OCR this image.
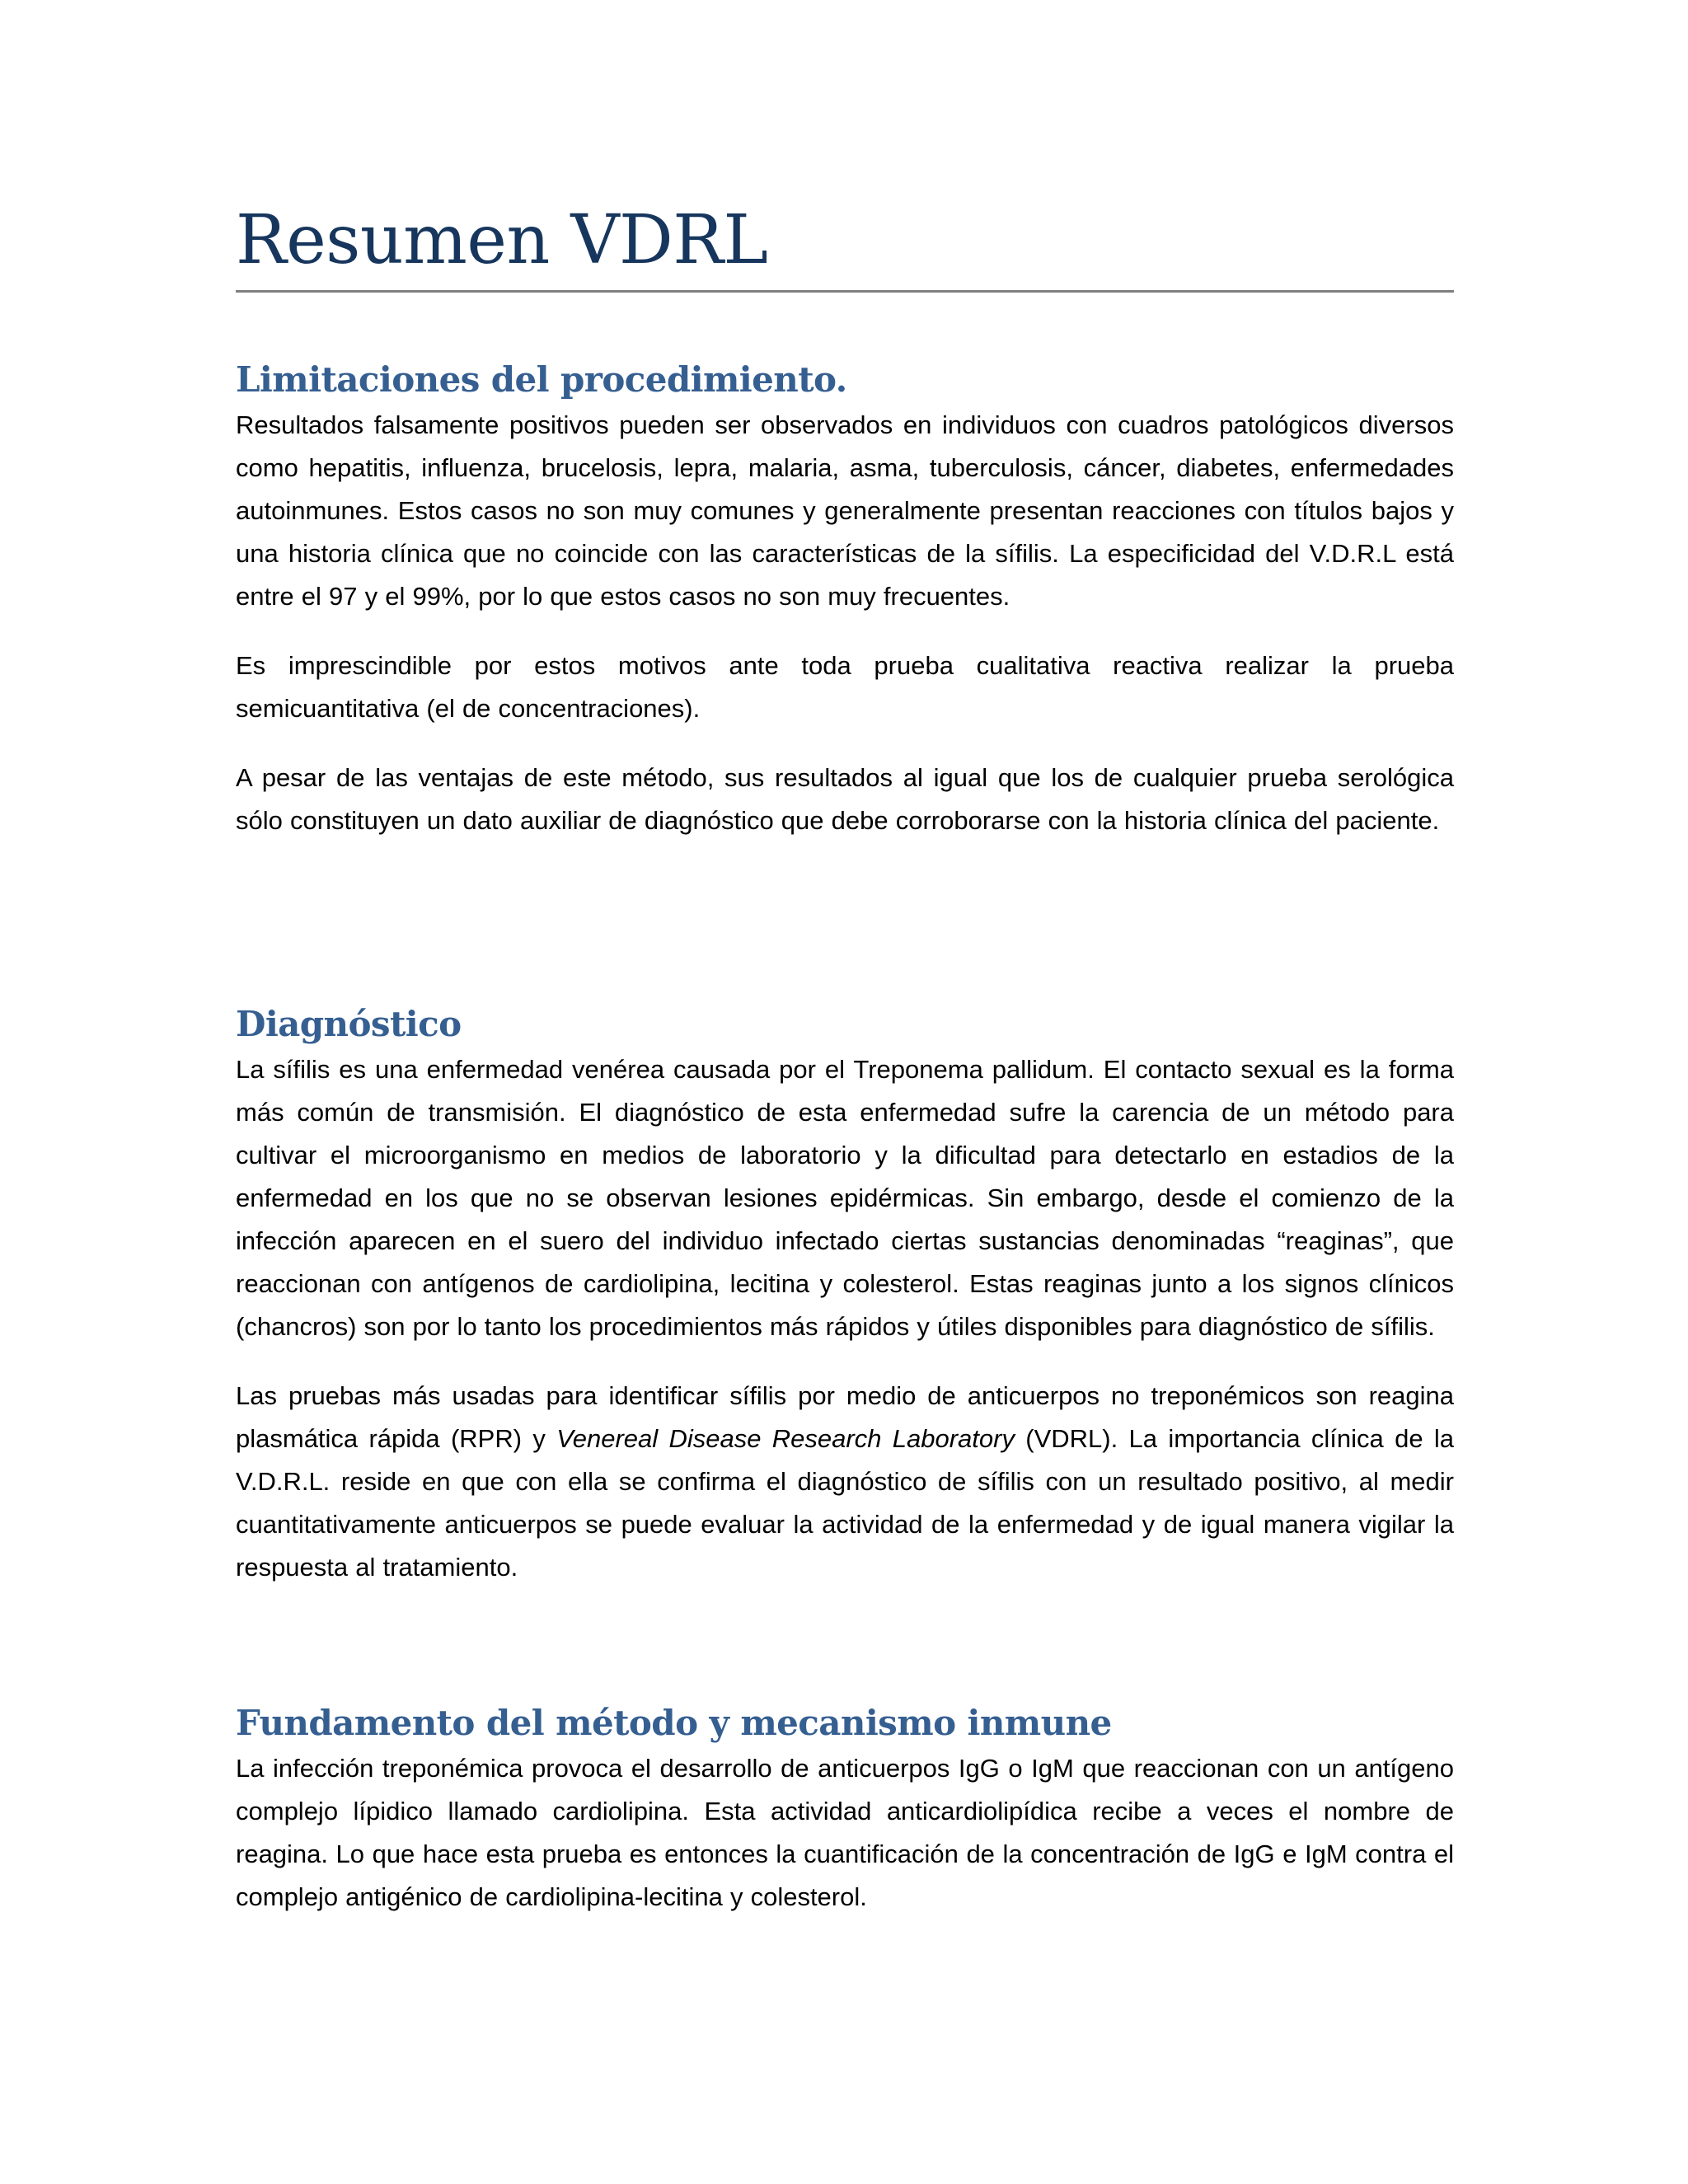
Resumen VDRL
Limitaciones del procedimiento.

Resultados falsamente positivos pueden ser observados en individuos con cuadros patológicos diversos como hepatitis, influenza, brucelosis, lepra, malaria, asma, tuberculosis, cáncer, diabetes, enfermedades autoinmunes. Estos casos no son muy comunes y generalmente presentan reacciones con títulos bajos y una historia clínica que no coincide con las características de la sífilis. La especificidad del V.D.R.L está entre el 97 y el 99%, por lo que estos casos no son muy frecuentes.

Es imprescindible por estos motivos ante toda prueba cualitativa reactiva realizar la prueba semicuantitativa (el de concentraciones).

A pesar de las ventajas de este método, sus resultados al igual que los de cualquier prueba serológica sólo constituyen un dato auxiliar de diagnóstico que debe corroborarse con la historia clínica del paciente.

Diagnóstico

La sífilis es una enfermedad venérea causada por el Treponema pallidum. El contacto sexual es la forma más común de transmisión. El diagnóstico de esta enfermedad sufre la carencia de un método para cultivar el microorganismo en medios de laboratorio y la dificultad para detectarlo en estadios de la enfermedad en los que no se observan lesiones epidérmicas. Sin embargo, desde el comienzo de la infección aparecen en el suero del individuo infectado ciertas sustancias denominadas “reaginas”, que reaccionan con antígenos de cardiolipina, lecitina y colesterol. Estas reaginas junto a los signos clínicos (chancros) son por lo tanto los procedimientos más rápidos y útiles disponibles para diagnóstico de sífilis.

Las pruebas más usadas para identificar sífilis por medio de anticuerpos no treponémicos son reagina plasmática rápida (RPR) y Venereal Disease Research Laboratory (VDRL). La importancia clínica de la V.D.R.L. reside en que con ella se confirma el diagnóstico de sífilis con un resultado positivo, al medir cuantitativamente anticuerpos se puede evaluar la actividad de la enfermedad y de igual manera vigilar la respuesta al tratamiento.

Fundamento del método y mecanismo inmune

La infección treponémica provoca el desarrollo de anticuerpos IgG o IgM que reaccionan con un antígeno complejo lípidico llamado cardiolipina. Esta actividad anticardiolipídica recibe a veces el nombre de reagina. Lo que hace esta prueba es entonces la cuantificación de la concentración de IgG e IgM contra el complejo antigénico de cardiolipina-lecitina y colesterol.
